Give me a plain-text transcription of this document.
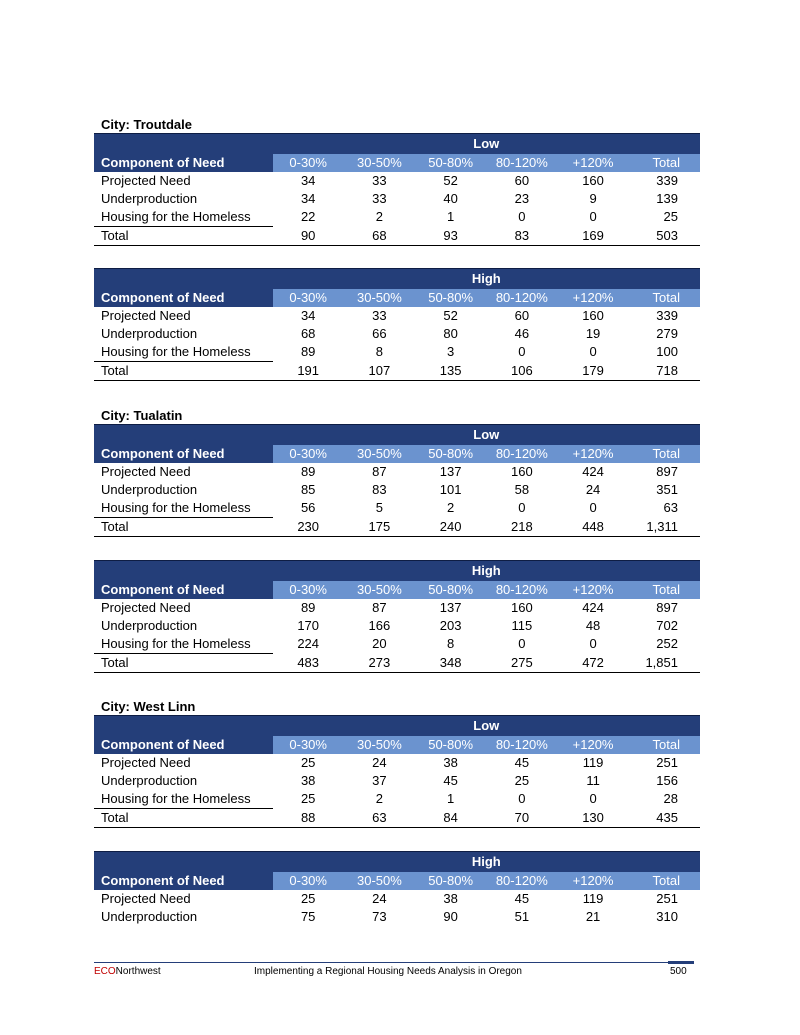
City: Troutdale
	Low					
Component of Need	0-30%	30-50%	50-80%	80-120%	+120%	Total
Projected Need	34	33	52	60	160	339
Underproduction	34	33	40	23	9	139
Housing for the Homeless	22	2	1	0	0	25
Total	90	68	93	83	169	503
	High					
Component of Need	0-30%	30-50%	50-80%	80-120%	+120%	Total
Projected Need	34	33	52	60	160	339
Underproduction	68	66	80	46	19	279
Housing for the Homeless	89	8	3	0	0	100
Total	191	107	135	106	179	718
City: Tualatin
	Low					
Component of Need	0-30%	30-50%	50-80%	80-120%	+120%	Total
Projected Need	89	87	137	160	424	897
Underproduction	85	83	101	58	24	351
Housing for the Homeless	56	5	2	0	0	63
Total	230	175	240	218	448	1,311
	High					
Component of Need	0-30%	30-50%	50-80%	80-120%	+120%	Total
Projected Need	89	87	137	160	424	897
Underproduction	170	166	203	115	48	702
Housing for the Homeless	224	20	8	0	0	252
Total	483	273	348	275	472	1,851
City: West Linn
	Low					
Component of Need	0-30%	30-50%	50-80%	80-120%	+120%	Total
Projected Need	25	24	38	45	119	251
Underproduction	38	37	45	25	11	156
Housing for the Homeless	25	2	1	0	0	28
Total	88	63	84	70	130	435
	High					
Component of Need	0-30%	30-50%	50-80%	80-120%	+120%	Total
Projected Need	25	24	38	45	119	251
Underproduction	75	73	90	51	21	310
ECONorthwest	Implementing a Regional Housing Needs Analysis in Oregon	500
